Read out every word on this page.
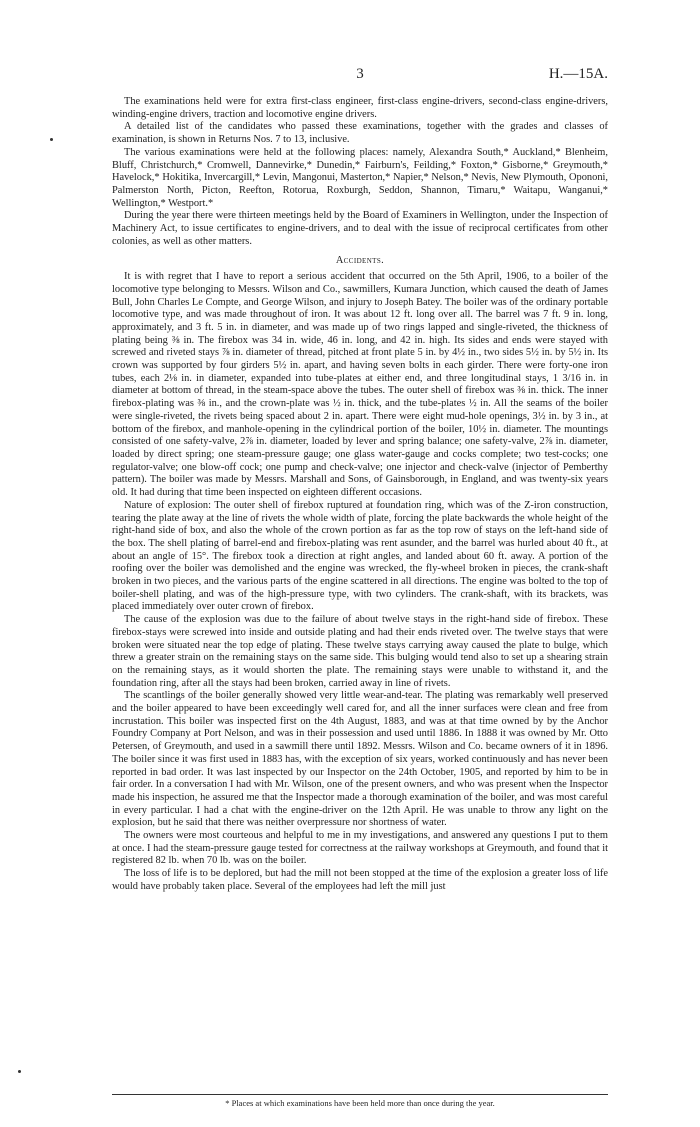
3	H.—15A.

The examinations held were for extra first-class engineer, first-class engine-drivers, second-class engine-drivers, winding-engine drivers, traction and locomotive engine drivers.

A detailed list of the candidates who passed these examinations, together with the grades and classes of examination, is shown in Returns Nos. 7 to 13, inclusive.

The various examinations were held at the following places: namely, Alexandra South,* Auckland,* Blenheim, Bluff, Christchurch,* Cromwell, Dannevirke,* Dunedin,* Fairburn's, Feilding,* Foxton,* Gisborne,* Greymouth,* Havelock,* Hokitika, Invercargill,* Levin, Mangonui, Masterton,* Napier,* Nelson,* Nevis, New Plymouth, Opononi, Palmerston North, Picton, Reefton, Rotorua, Roxburgh, Seddon, Shannon, Timaru,* Waitapu, Wanganui,* Wellington,* Westport.*

During the year there were thirteen meetings held by the Board of Examiners in Wellington, under the Inspection of Machinery Act, to issue certificates to engine-drivers, and to deal with the issue of reciprocal certificates from other colonies, as well as other matters.

Accidents.

It is with regret that I have to report a serious accident that occurred on the 5th April, 1906, to a boiler of the locomotive type belonging to Messrs. Wilson and Co., sawmillers, Kumara Junction, which caused the death of James Bull, John Charles Le Compte, and George Wilson, and injury to Joseph Batey. The boiler was of the ordinary portable locomotive type, and was made throughout of iron. It was about 12 ft. long over all. The barrel was 7 ft. 9 in. long, approximately, and 3 ft. 5 in. in diameter, and was made up of two rings lapped and single-riveted, the thickness of plating being ⅜ in. The firebox was 34 in. wide, 46 in. long, and 42 in. high. Its sides and ends were stayed with screwed and riveted stays ⅞ in. diameter of thread, pitched at front plate 5 in. by 4½ in., two sides 5½ in. by 5½ in. Its crown was supported by four girders 5½ in. apart, and having seven bolts in each girder. There were forty-one iron tubes, each 2⅛ in. in diameter, expanded into tube-plates at either end, and three longitudinal stays, 1 3/16 in. in diameter at bottom of thread, in the steam-space above the tubes. The outer shell of firebox was ⅜ in. thick. The inner firebox-plating was ⅜ in., and the crown-plate was ½ in. thick, and the tube-plates ½ in. All the seams of the boiler were single-riveted, the rivets being spaced about 2 in. apart. There were eight mud-hole openings, 3½ in. by 3 in., at bottom of the firebox, and manhole-opening in the cylindrical portion of the boiler, 10½ in. diameter. The mountings consisted of one safety-valve, 2⅞ in. diameter, loaded by lever and spring balance; one safety-valve, 2⅞ in. diameter, loaded by direct spring; one steam-pressure gauge; one glass water-gauge and cocks complete; two test-cocks; one regulator-valve; one blow-off cock; one pump and check-valve; one injector and check-valve (injector of Pemberthy pattern). The boiler was made by Messrs. Marshall and Sons, of Gainsborough, in England, and was twenty-six years old. It had during that time been inspected on eighteen different occasions.

Nature of explosion: The outer shell of firebox ruptured at foundation ring, which was of the Z-iron construction, tearing the plate away at the line of rivets the whole width of plate, forcing the plate backwards the whole height of the right-hand side of box, and also the whole of the crown portion as far as the top row of stays on the left-hand side of the box. The shell plating of barrel-end and firebox-plating was rent asunder, and the barrel was hurled about 40 ft., at about an angle of 15°. The firebox took a direction at right angles, and landed about 60 ft. away. A portion of the roofing over the boiler was demolished and the engine was wrecked, the fly-wheel broken in pieces, the crank-shaft broken in two pieces, and the various parts of the engine scattered in all directions. The engine was bolted to the top of boiler-shell plating, and was of the high-pressure type, with two cylinders. The crank-shaft, with its brackets, was placed immediately over outer crown of firebox.

The cause of the explosion was due to the failure of about twelve stays in the right-hand side of firebox. These firebox-stays were screwed into inside and outside plating and had their ends riveted over. The twelve stays that were broken were situated near the top edge of plating. These twelve stays carrying away caused the plate to bulge, which threw a greater strain on the remaining stays on the same side. This bulging would tend also to set up a shearing strain on the remaining stays, as it would shorten the plate. The remaining stays were unable to withstand it, and the foundation ring, after all the stays had been broken, carried away in line of rivets.

The scantlings of the boiler generally showed very little wear-and-tear. The plating was remarkably well preserved and the boiler appeared to have been exceedingly well cared for, and all the inner surfaces were clean and free from incrustation. This boiler was inspected first on the 4th August, 1883, and was at that time owned by by the Anchor Foundry Company at Port Nelson, and was in their possession and used until 1886. In 1888 it was owned by Mr. Otto Petersen, of Greymouth, and used in a sawmill there until 1892. Messrs. Wilson and Co. became owners of it in 1896. The boiler since it was first used in 1883 has, with the exception of six years, worked continuously and has never been reported in bad order. It was last inspected by our Inspector on the 24th October, 1905, and reported by him to be in fair order. In a conversation I had with Mr. Wilson, one of the present owners, and who was present when the Inspector made his inspection, he assured me that the Inspector made a thorough examination of the boiler, and was most careful in every particular. I had a chat with the engine-driver on the 12th April. He was unable to throw any light on the explosion, but he said that there was neither overpressure nor shortness of water.

The owners were most courteous and helpful to me in my investigations, and answered any questions I put to them at once. I had the steam-pressure gauge tested for correctness at the railway workshops at Greymouth, and found that it registered 82 lb. when 70 lb. was on the boiler.

The loss of life is to be deplored, but had the mill not been stopped at the time of the explosion a greater loss of life would have probably taken place. Several of the employees had left the mill just

* Places at which examinations have been held more than once during the year.
